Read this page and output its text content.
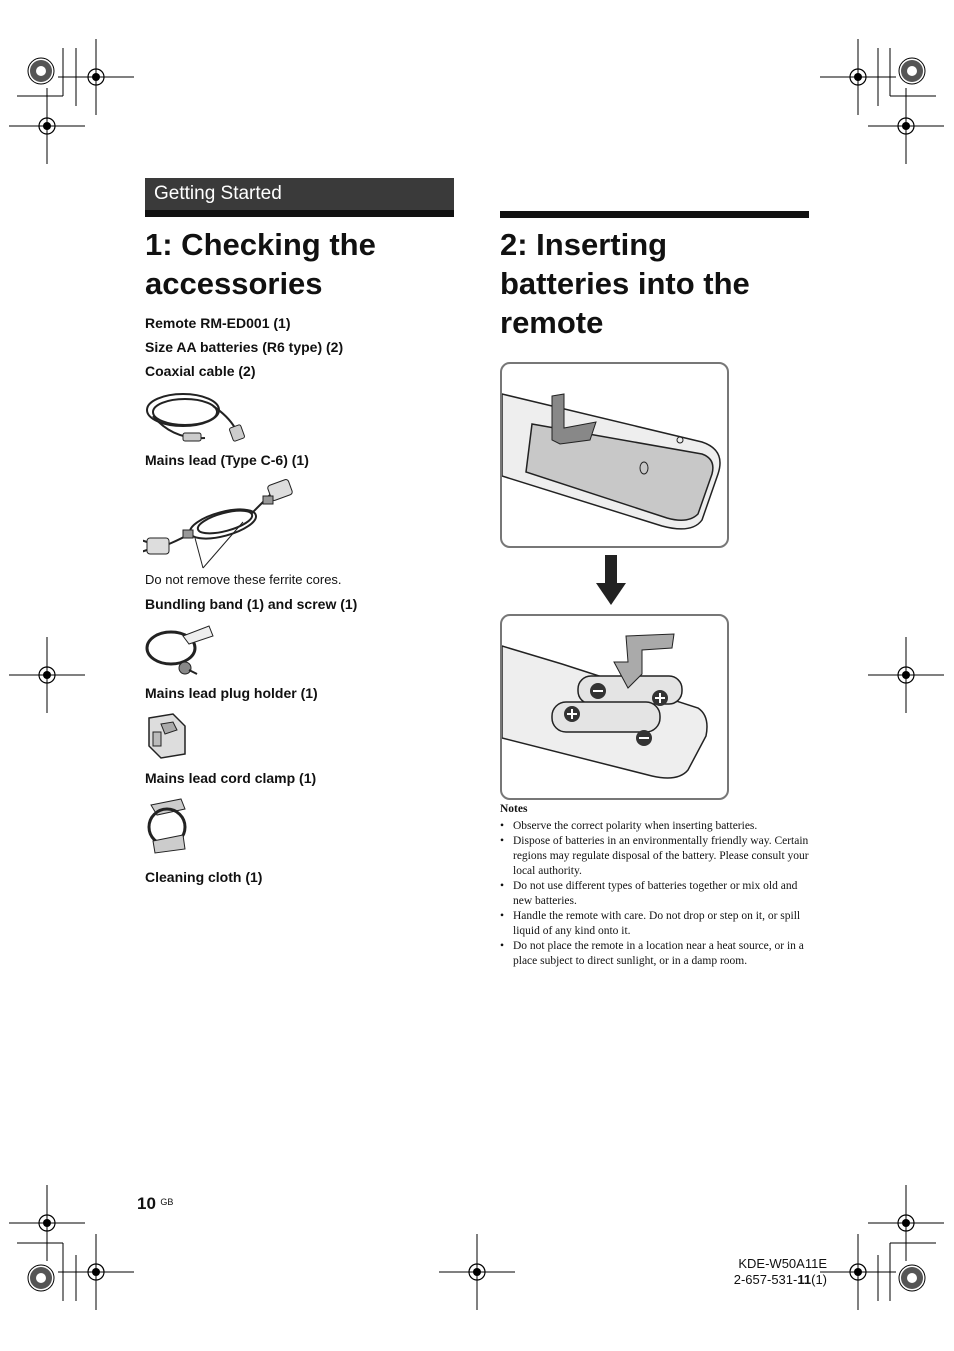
Getting Started
1: Checking the
accessories
Remote RM-ED001 (1)
Size AA batteries (R6 type) (2)
Coaxial cable (2)
Mains lead (Type C-6) (1)
Do not remove these ferrite cores.
Bundling band (1) and screw (1)
Mains lead plug holder (1)
Mains lead cord clamp (1)
Cleaning cloth (1)
2: Inserting
batteries into the
remote
Notes
• Observe the correct polarity when inserting batteries.
• Dispose of batteries in an environmentally friendly way. Certain regions may regulate disposal of the battery. Please consult your local authority.
• Do not use different types of batteries together or mix old and new batteries.
• Handle the remote with care. Do not drop or step on it, or spill liquid of any kind onto it.
• Do not place the remote in a location near a heat source, or in a place subject to direct sunlight, or in a damp room.
10 $^{GB}$
KDE-W50A11E
2-657-531-11(1)
